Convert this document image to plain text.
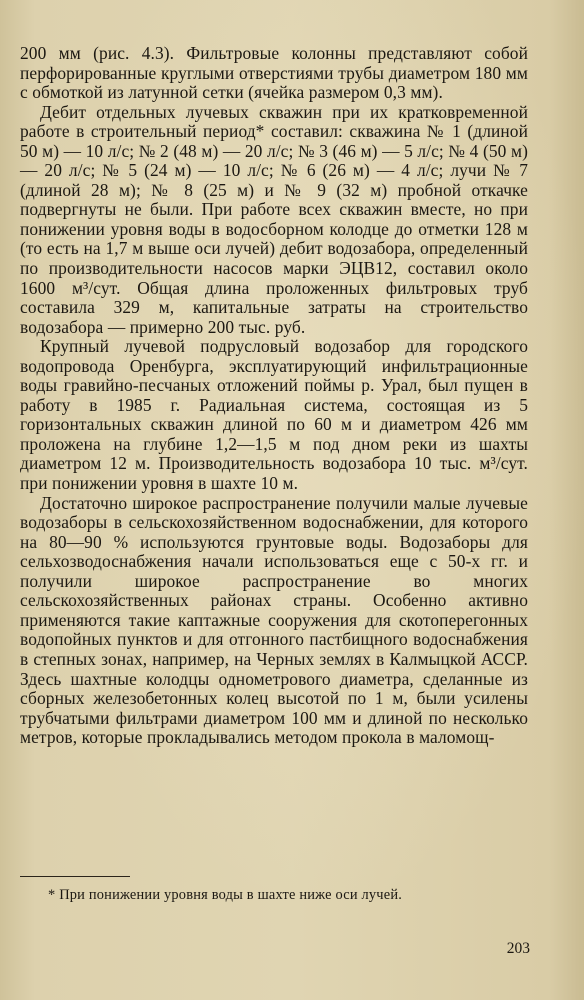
200 мм (рис. 4.3). Фильтровые колонны представляют собой перфорированные круглыми отверстиями трубы диаметром 180 мм с обмоткой из латунной сетки (ячейка размером 0,3 мм).

Дебит отдельных лучевых скважин при их кратковременной работе в строительный период* составил: скважина № 1 (длиной 50 м) — 10 л/с; № 2 (48 м) — 20 л/с; № 3 (46 м) — 5 л/с; № 4 (50 м) — 20 л/с; № 5 (24 м) — 10 л/с; № 6 (26 м) — 4 л/с; лучи № 7 (длиной 28 м); № 8 (25 м) и № 9 (32 м) пробной откачке подвергнуты не были. При работе всех скважин вместе, но при понижении уровня воды в водосборном колодце до отметки 128 м (то есть на 1,7 м выше оси лучей) дебит водозабора, определенный по производительности насосов марки ЭЦВ12, составил около 1600 м³/сут. Общая длина проложенных фильтровых труб составила 329 м, капитальные затраты на строительство водозабора — примерно 200 тыс. руб.

Крупный лучевой подрусловый водозабор для городского водопровода Оренбурга, эксплуатирующий инфильтрационные воды гравийно-песчаных отложений поймы р. Урал, был пущен в работу в 1985 г. Радиальная система, состоящая из 5 горизонтальных скважин длиной по 60 м и диаметром 426 мм проложена на глубине 1,2—1,5 м под дном реки из шахты диаметром 12 м. Производительность водозабора 10 тыс. м³/сут. при понижении уровня в шахте 10 м.

Достаточно широкое распространение получили малые лучевые водозаборы в сельскохозяйственном водоснабжении, для которого на 80—90 % используются грунтовые воды. Водозаборы для сельхозводоснабжения начали использоваться еще с 50-х гг. и получили широкое распространение во многих сельскохозяйственных районах страны. Особенно активно применяются такие каптажные сооружения для скотоперегонных водопойных пунктов и для отгонного пастбищного водоснабжения в степных зонах, например, на Черных землях в Калмыцкой АССР. Здесь шахтные колодцы однометрового диаметра, сделанные из сборных железобетонных колец высотой по 1 м, были усилены трубчатыми фильтрами диаметром 100 мм и длиной по несколько метров, которые прокладывались методом прокола в маломощ-

* При понижении уровня воды в шахте ниже оси лучей.
203
